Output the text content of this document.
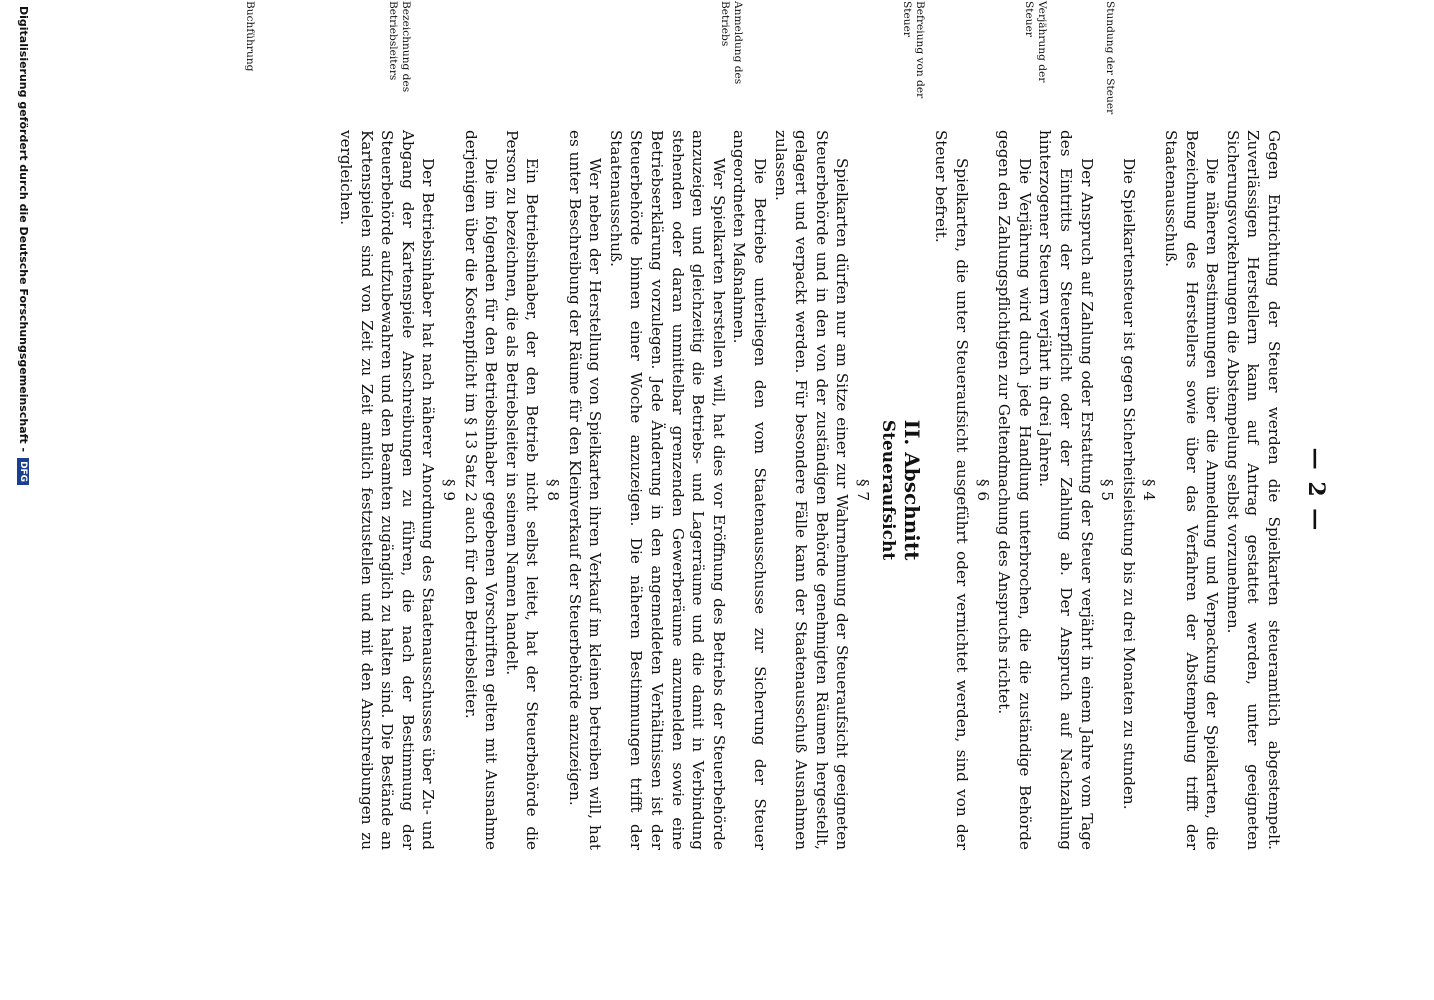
— 2 —
Stundung der Steuer
Verjährung der Steuer
Befreiung von der Steuer
Anmeldung des Betriebs
Bezeichnung des Betriebsleiters
Buchführung

Gegen Entrichtung der Steuer werden die Spielkarten steueramtlich abgestempelt. Zuverlässigen Herstellern kann auf Antrag gestattet werden, unter geeigneten Sicherungsvorkehrungen die Abstempelung selbst vorzunehmen.

Die näheren Bestimmungen über die Anmeldung und Verpackung der Spielkarten, die Bezeichnung des Herstellers sowie über das Verfahren der Abstempelung trifft der Staatenausschuß.

§ 4

Die Spielkartensteuer ist gegen Sicherheitsleistung bis zu drei Monaten zu stunden.

§ 5

Der Anspruch auf Zahlung oder Erstattung der Steuer verjährt in einem Jahre vom Tage des Eintritts der Steuerpflicht oder der Zahlung ab. Der Anspruch auf Nachzahlung hinterzogener Steuern verjährt in drei Jahren.

Die Verjährung wird durch jede Handlung unterbrochen, die die zuständige Behörde gegen den Zahlungspflichtigen zur Geltendmachung des Anspruchs richtet.

§ 6

Spielkarten, die unter Steueraufsicht ausgeführt oder vernichtet werden, sind von der Steuer befreit.

II. Abschnitt
Steueraufsicht
§ 7

Spielkarten dürfen nur am Sitze einer zur Wahrnehmung der Steueraufsicht geeigneten Steuerbehörde und in den von der zuständigen Behörde genehmigten Räumen hergestellt, gelagert und verpackt werden. Für besondere Fälle kann der Staatenausschuß Ausnahmen zulassen.

Die Betriebe unterliegen den vom Staatenausschusse zur Sicherung der Steuer angeordneten Maßnahmen.

Wer Spielkarten herstellen will, hat dies vor Eröffnung des Betriebs der Steuerbehörde anzuzeigen und gleichzeitig die Betriebs- und Lagerräume und die damit in Verbindung stehenden oder daran unmittelbar grenzenden Gewerberäume anzumelden sowie eine Betriebserklärung vorzulegen. Jede Änderung in den angemeldeten Verhältnissen ist der Steuerbehörde binnen einer Woche anzuzeigen. Die näheren Bestimmungen trifft der Staatenausschuß.

Wer neben der Herstellung von Spielkarten ihren Verkauf im kleinen betreiben will, hat es unter Beschreibung der Räume für den Kleinverkauf der Steuerbehörde anzuzeigen.

§ 8

Ein Betriebsinhaber, der den Betrieb nicht selbst leitet, hat der Steuerbehörde die Person zu bezeichnen, die als Betriebsleiter in seinem Namen handelt.

Die im folgenden für den Betriebsinhaber gegebenen Vorschriften gelten mit Ausnahme derjenigen über die Kostenpflicht im § 13 Satz 2 auch für den Betriebsleiter.

§ 9

Der Betriebsinhaber hat nach näherer Anordnung des Staatenausschusses über Zu- und Abgang der Kartenspiele Anschreibungen zu führen, die nach der Bestimmung der Steuerbehörde aufzubewahren und den Beamten zugänglich zu halten sind. Die Bestände an Kartenspielen sind von Zeit zu Zeit amtlich festzustellen und mit den Anschreibungen zu vergleichen.

Digitalisierung gefördert durch die Deutsche Forschungsgemeinschaft -DFG
